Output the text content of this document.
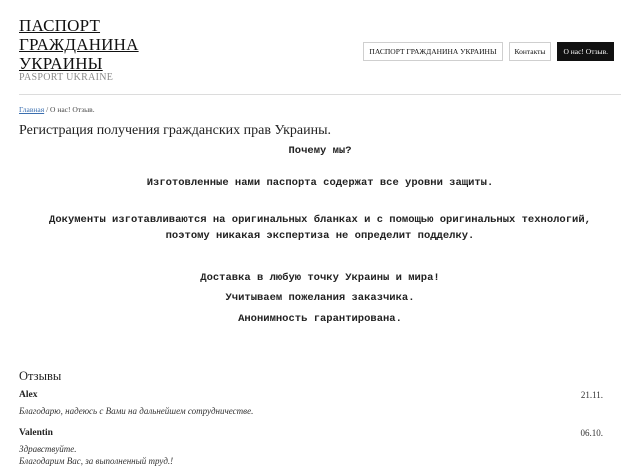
ПАСПОРТ ГРАЖДАНИНА УКРАИНЫ
PASPORT UKRAINE
ПАСПОРТ ГРАЖДАНИНА УКРАИНЫ	Контакты	О нас! Отзыв.
Главная / О нас! Отзыв.
Регистрация получения гражданских прав Украины.
Почему мы?
Изготовленные нами паспорта содержат все уровни защиты.
Документы изготавливаются на оригинальных бланках и с помощью оригинальных технологий,
поэтому никакая экспертиза не определит подделку.
Доставка в любую точку Украины и мира!
Учитываем пожелания заказчика.
Анонимность гарантирована.
Отзывы
Alex	21.11.
Благодарю, надеюсь с Вами на дальнейшем сотрудничестве.
Valentin	06.10.
Здравствуйте.
Благодарим Вас, за выполненный труд.!
